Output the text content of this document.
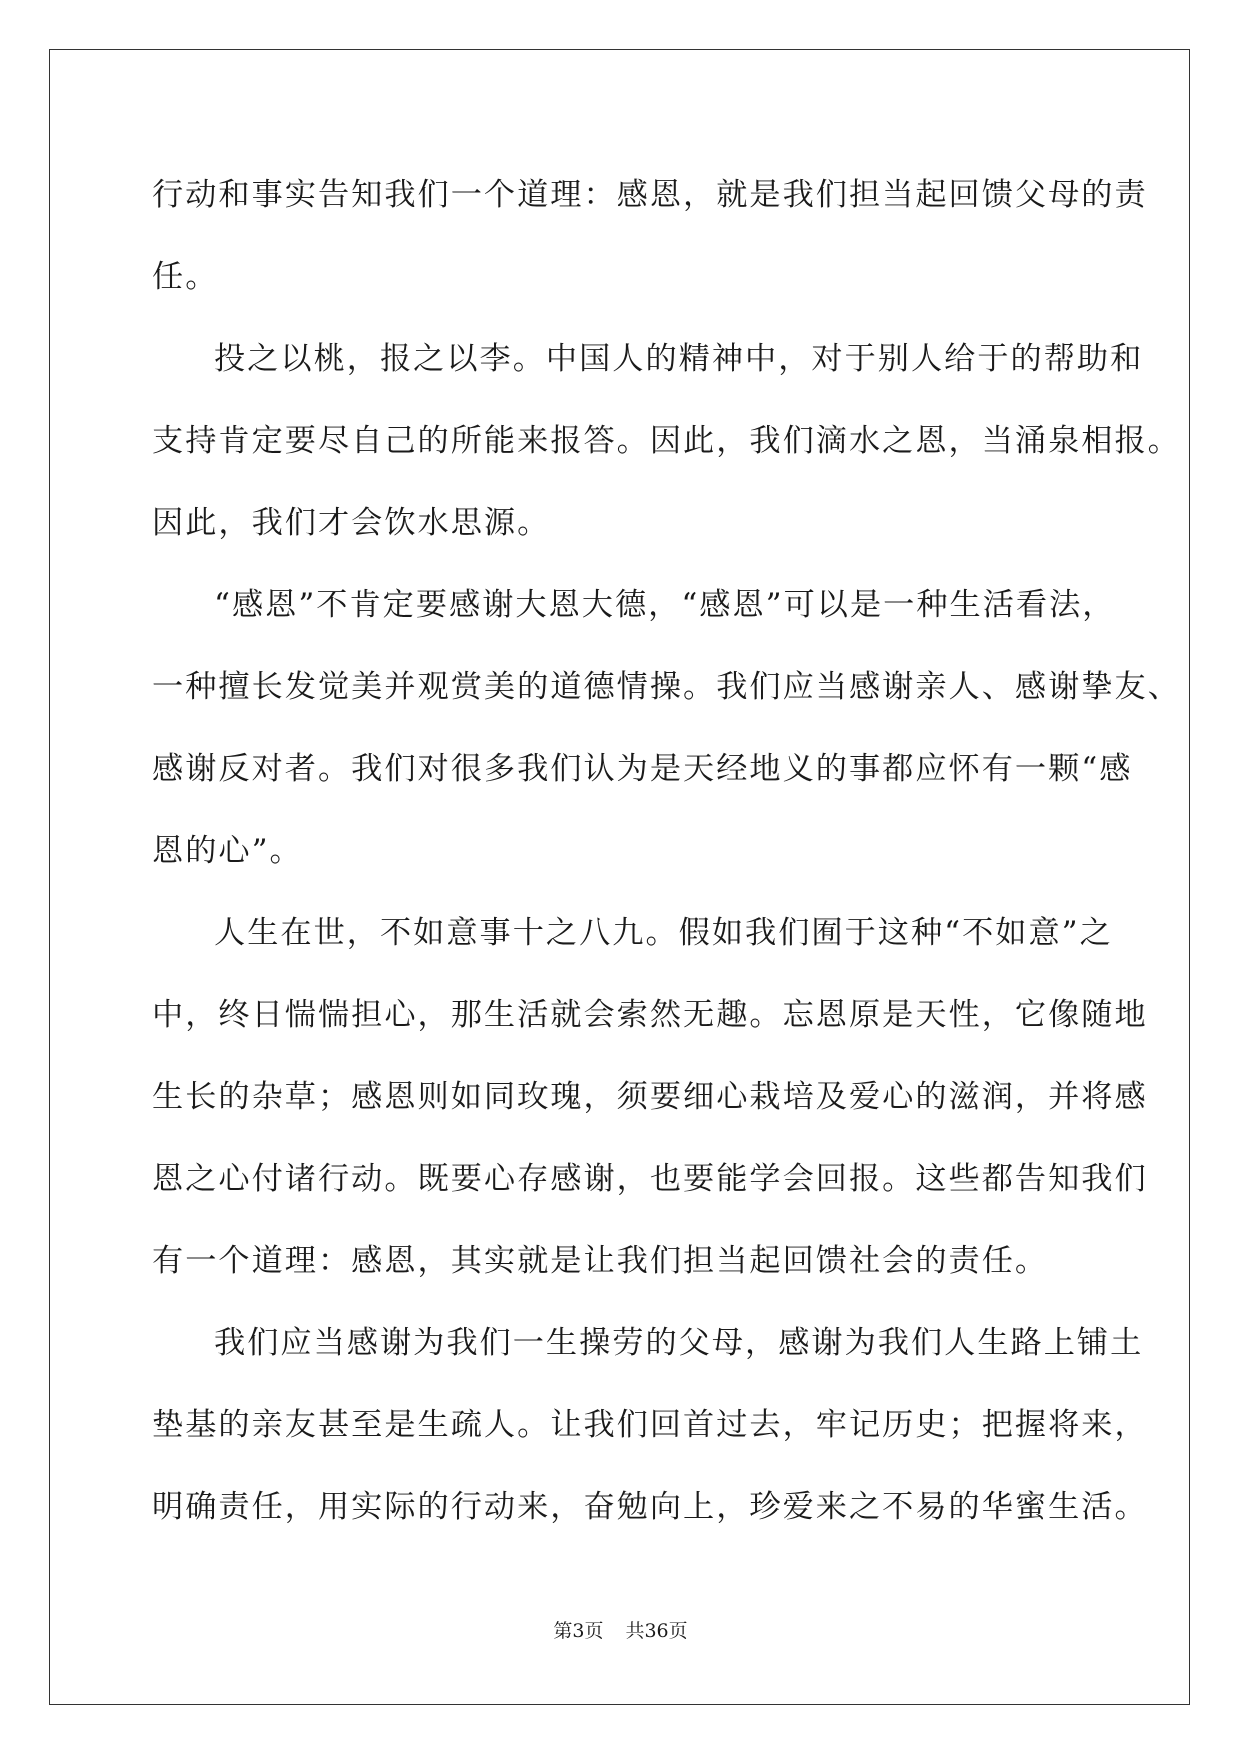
行动和事实告知我们一个道理：感恩，就是我们担当起回馈父母的责
任。
投之以桃，报之以李。中国人的精神中，对于别人给于的帮助和
支持肯定要尽自己的所能来报答。因此，我们滴水之恩，当涌泉相报。
因此，我们才会饮水思源。
“感恩”不肯定要感谢大恩大德，“感恩”可以是一种生活看法，
一种擅长发觉美并观赏美的道德情操。我们应当感谢亲人、感谢挚友、
感谢反对者。我们对很多我们认为是天经地义的事都应怀有一颗“感
恩的心”。
人生在世，不如意事十之八九。假如我们囿于这种“不如意”之
中，终日惴惴担心，那生活就会索然无趣。忘恩原是天性，它像随地
生长的杂草；感恩则如同玫瑰，须要细心栽培及爱心的滋润，并将感
恩之心付诸行动。既要心存感谢，也要能学会回报。这些都告知我们
有一个道理：感恩，其实就是让我们担当起回馈社会的责任。
我们应当感谢为我们一生操劳的父母，感谢为我们人生路上铺土
垫基的亲友甚至是生疏人。让我们回首过去，牢记历史；把握将来，
明确责任，用实际的行动来，奋勉向上，珍爱来之不易的华蜜生活。
第3页 共36页
